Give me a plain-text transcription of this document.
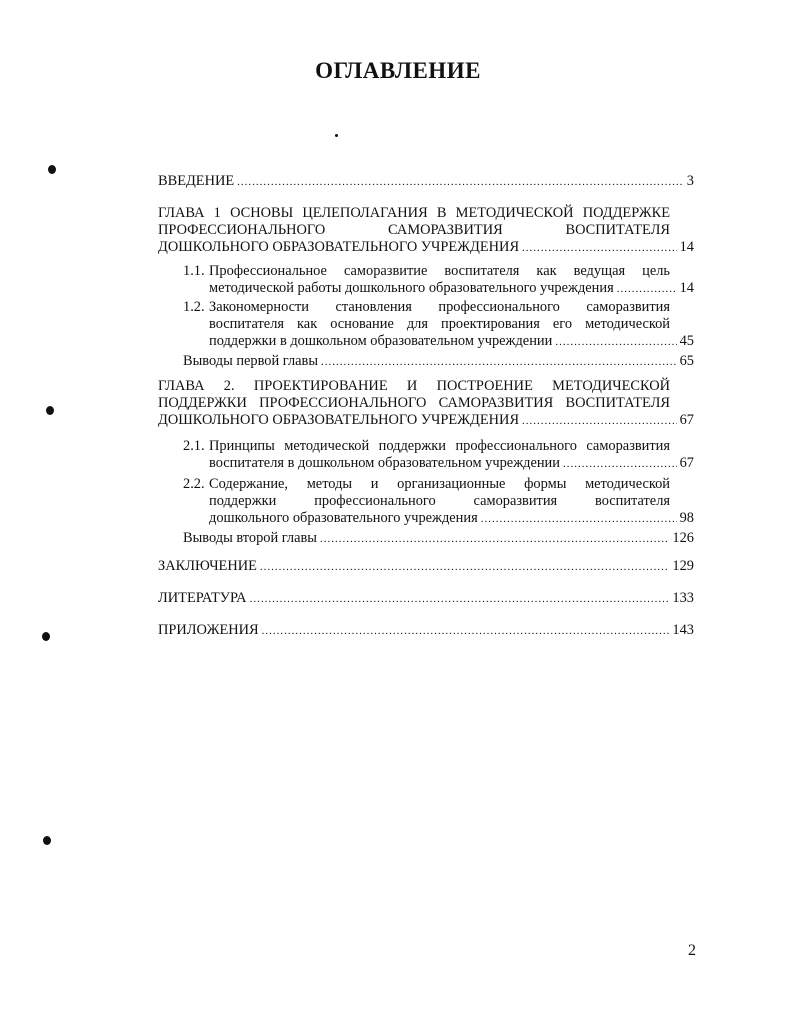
ОГЛАВЛЕНИЕ
ВВЕДЕНИЕ .....	3
ГЛАВА 1 ОСНОВЫ ЦЕЛЕПОЛАГАНИЯ В МЕТОДИЧЕСКОЙ ПОДДЕРЖКЕ
ПРОФЕССИОНАЛЬНОГО САМОРАЗВИТИЯ ВОСПИТАТЕЛЯ
ДОШКОЛЬНОГО ОБРАЗОВАТЕЛЬНОГО УЧРЕЖДЕНИЯ .....	14
1.1. Профессиональное саморазвитие воспитателя как ведущая цель
методической работы дошкольного образовательного учреждения .....	14
1.2. Закономерности становления профессионального саморазвития
воспитателя как основание для проектирования его методической
поддержки в дошкольном образовательном учреждении .....	45
Выводы первой главы .....	65
ГЛАВА 2. ПРОЕКТИРОВАНИЕ И ПОСТРОЕНИЕ МЕТОДИЧЕСКОЙ
ПОДДЕРЖКИ ПРОФЕССИОНАЛЬНОГО САМОРАЗВИТИЯ ВОСПИТАТЕЛЯ
ДОШКОЛЬНОГО ОБРАЗОВАТЕЛЬНОГО УЧРЕЖДЕНИЯ .....	67
2.1. Принципы методической поддержки профессионального саморазвития
воспитателя в дошкольном образовательном учреждении .....	67
2.2. Содержание, методы и организационные формы методической
поддержки профессионального саморазвития воспитателя
дошкольного образовательного учреждения .....	98
Выводы второй главы .....	126
ЗАКЛЮЧЕНИЕ .....	129
ЛИТЕРАТУРА .....	133
ПРИЛОЖЕНИЯ .....	143
2
